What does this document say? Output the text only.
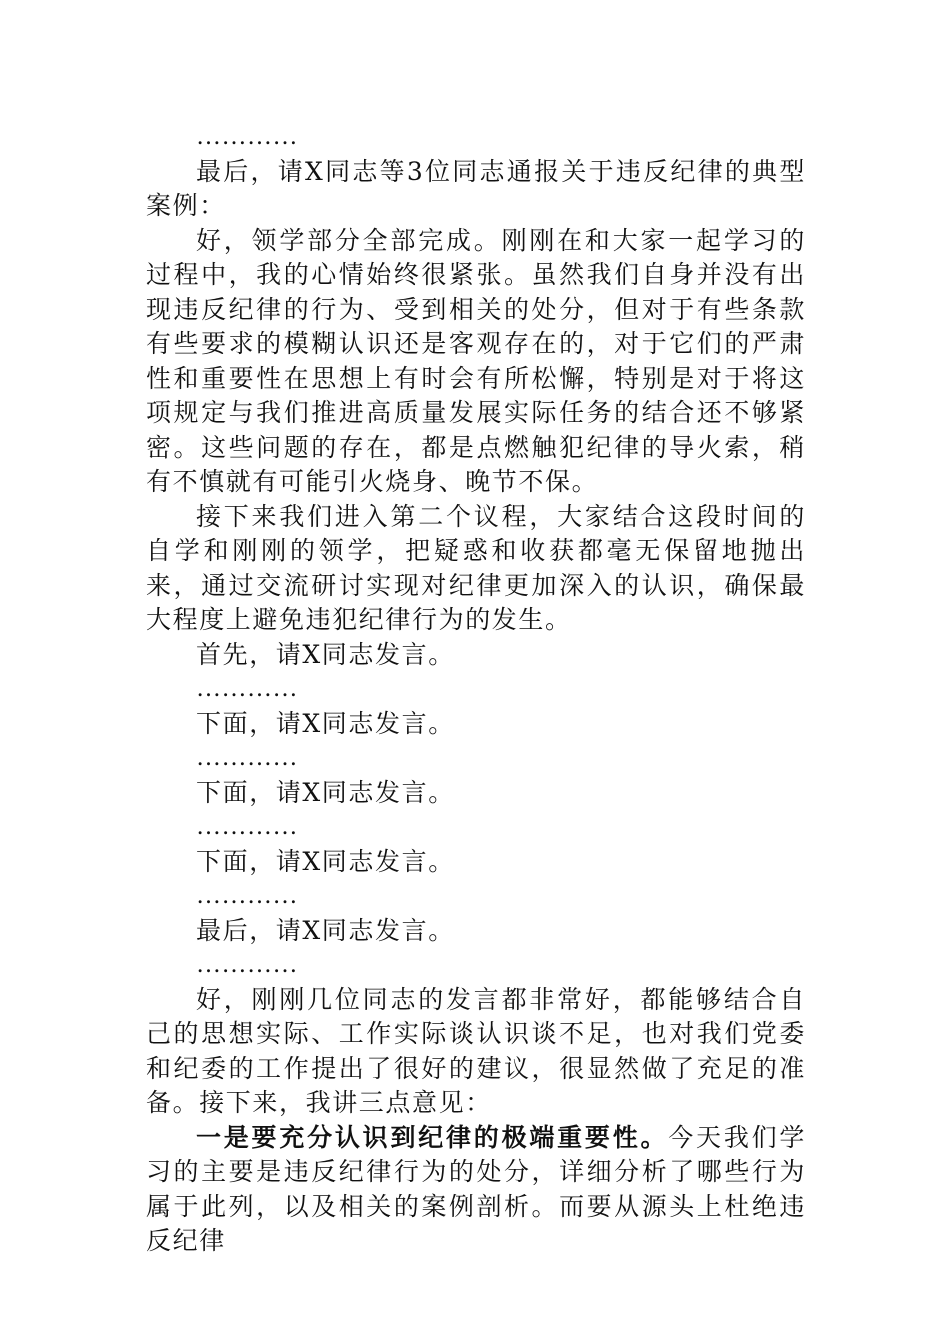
…………

最后，请X同志等3位同志通报关于违反纪律的典型案例：

好，领学部分全部完成。刚刚在和大家一起学习的过程中，我的心情始终很紧张。虽然我们自身并没有出现违反纪律的行为、受到相关的处分，但对于有些条款有些要求的模糊认识还是客观存在的，对于它们的严肃性和重要性在思想上有时会有所松懈，特别是对于将这项规定与我们推进高质量发展实际任务的结合还不够紧密。这些问题的存在，都是点燃触犯纪律的导火索，稍有不慎就有可能引火烧身、晚节不保。

接下来我们进入第二个议程，大家结合这段时间的自学和刚刚的领学，把疑惑和收获都毫无保留地抛出来，通过交流研讨实现对纪律更加深入的认识，确保最大程度上避免违犯纪律行为的发生。

首先，请X同志发言。

…………

下面，请X同志发言。

…………

下面，请X同志发言。

…………

下面，请X同志发言。

…………

最后，请X同志发言。

…………

好，刚刚几位同志的发言都非常好，都能够结合自己的思想实际、工作实际谈认识谈不足，也对我们党委和纪委的工作提出了很好的建议，很显然做了充足的准备。接下来，我讲三点意见：

一是要充分认识到纪律的极端重要性。今天我们学习的主要是违反纪律行为的处分，详细分析了哪些行为属于此列，以及相关的案例剖析。而要从源头上杜绝违反纪律
